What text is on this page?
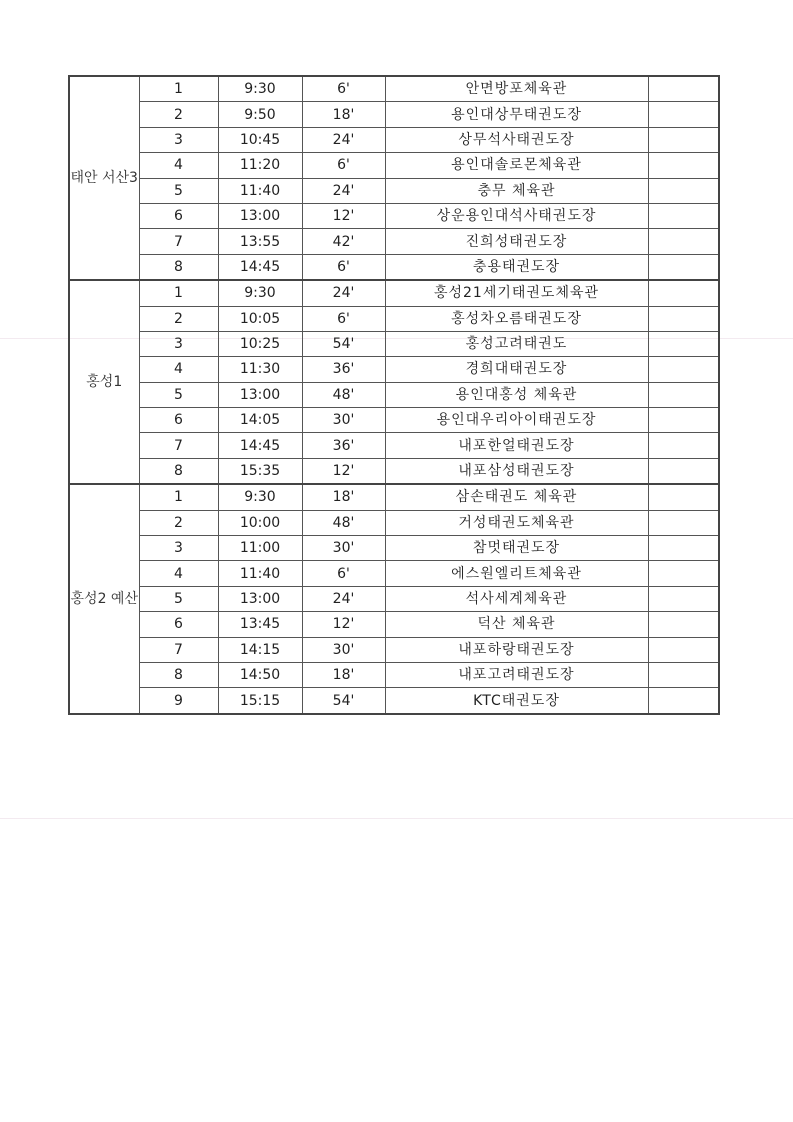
태안 서산3	1	9:30	6'	안면방포체육관	
	2	9:50	18'	용인대상무태권도장	
	3	10:45	24'	상무석사태권도장	
	4	11:20	6'	용인대솔로몬체육관	
	5	11:40	24'	충무 체육관	
	6	13:00	12'	상운용인대석사태권도장	
	7	13:55	42'	진희성태권도장	
	8	14:45	6'	충용태권도장	
홍성1	1	9:30	24'	홍성21세기태권도체육관	
	2	10:05	6'	홍성차오름태권도장	
	3	10:25	54'	홍성고려태권도	
	4	11:30	36'	경희대태권도장	
	5	13:00	48'	용인대홍성 체육관	
	6	14:05	30'	용인대우리아이태권도장	
	7	14:45	36'	내포한얼태권도장	
	8	15:35	12'	내포삼성태권도장	
홍성2 예산	1	9:30	18'	삼손태권도 체육관	
	2	10:00	48'	거성태권도체육관	
	3	11:00	30'	참멋태권도장	
	4	11:40	6'	에스원엘리트체육관	
	5	13:00	24'	석사세계체육관	
	6	13:45	12'	덕산 체육관	
	7	14:15	30'	내포하랑태권도장	
	8	14:50	18'	내포고려태권도장	
	9	15:15	54'	KTC태권도장	
